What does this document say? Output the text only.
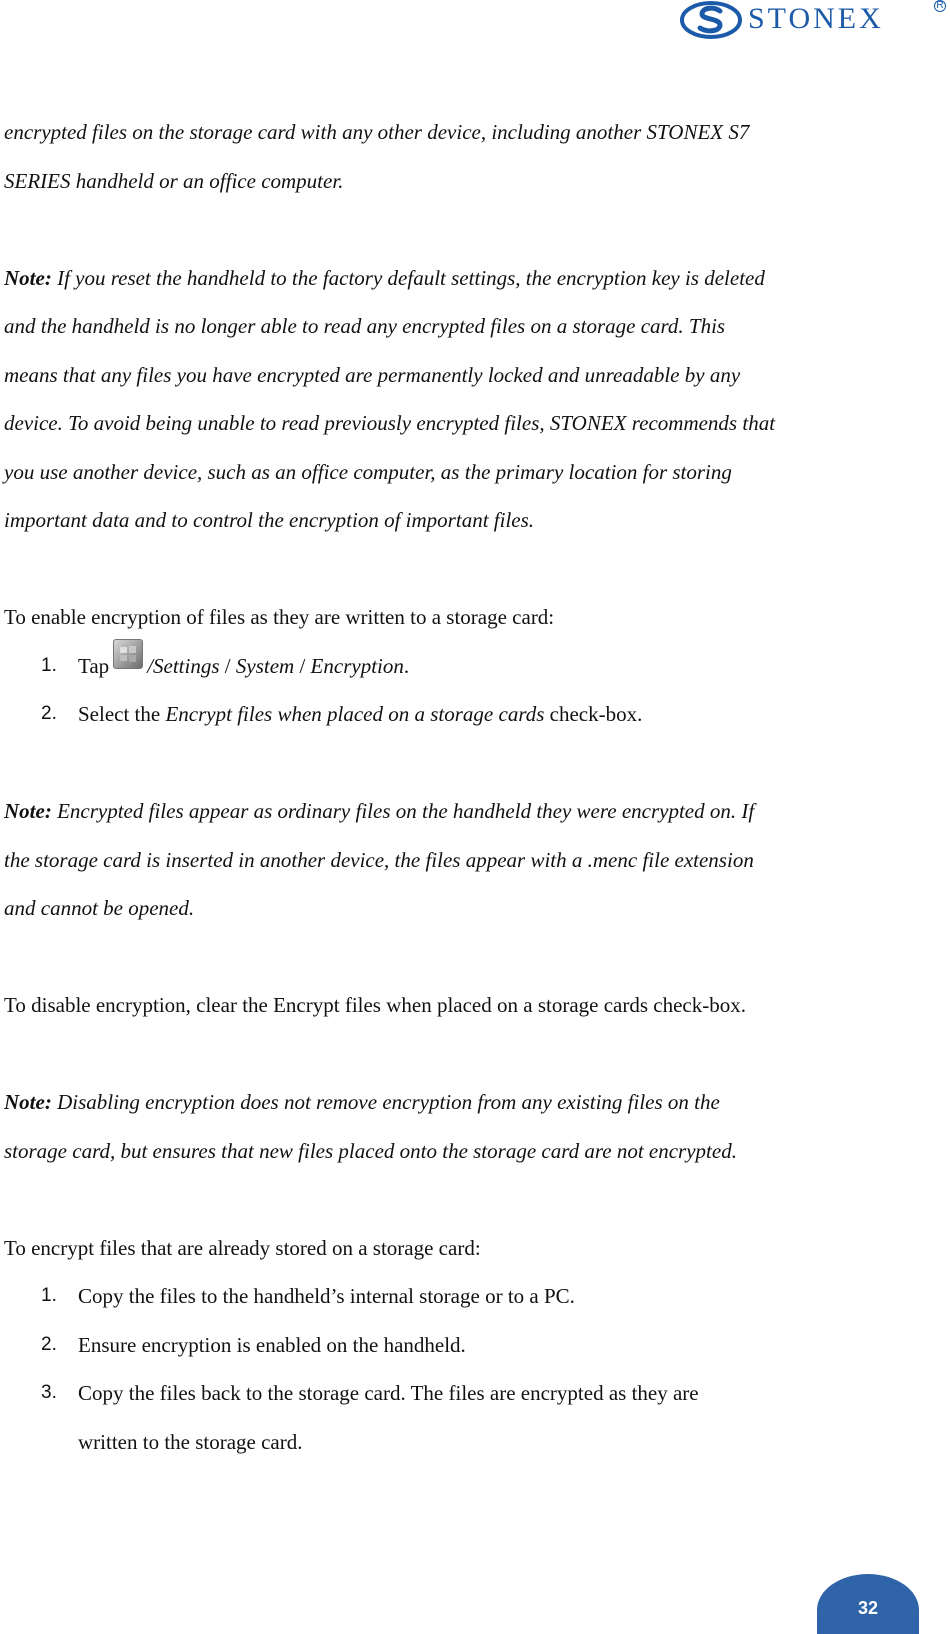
STONEX	R
encrypted files on the storage card with any other device, including another STONEX S7
SERIES handheld or an office computer.
Note: If you reset the handheld to the factory default settings, the encryption key is deleted
and the handheld is no longer able to read any encrypted files on a storage card. This
means that any files you have encrypted are permanently locked and unreadable by any
device. To avoid being unable to read previously encrypted files, STONEX recommends that
you use another device, such as an office computer, as the primary location for storing
important data and to control the encryption of important files.
To enable encryption of files as they are written to a storage card:
1.	Tap /Settings / System / Encryption.
2.	Select the Encrypt files when placed on a storage cards check-box.
Note: Encrypted files appear as ordinary files on the handheld they were encrypted on. If
the storage card is inserted in another device, the files appear with a .menc file extension
and cannot be opened.
To disable encryption, clear the Encrypt files when placed on a storage cards check-box.
Note: Disabling encryption does not remove encryption from any existing files on the
storage card, but ensures that new files placed onto the storage card are not encrypted.
To encrypt files that are already stored on a storage card:
1.	Copy the files to the handheld’s internal storage or to a PC.
2.	Ensure encryption is enabled on the handheld.
3.	Copy the files back to the storage card. The files are encrypted as they are
written to the storage card.
32
